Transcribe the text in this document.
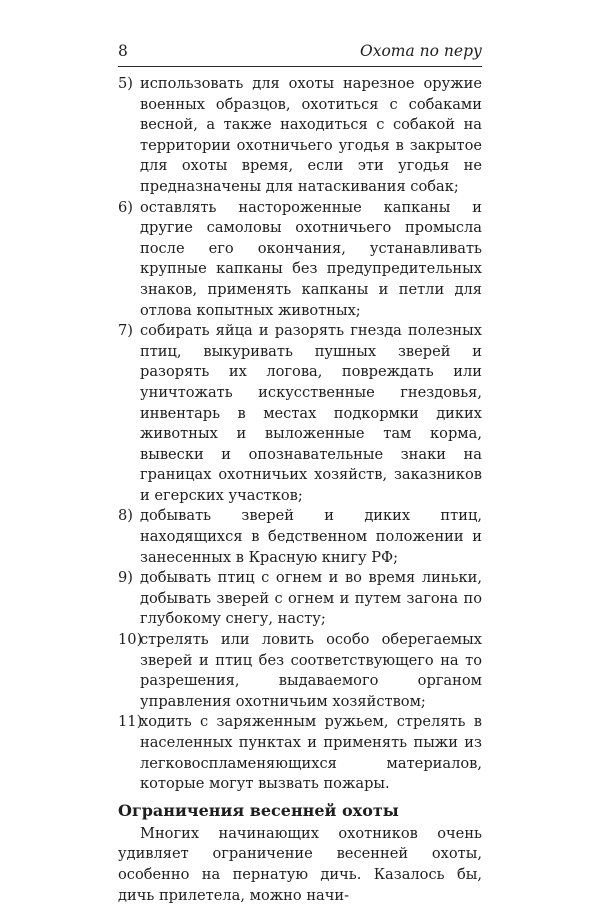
8	Охота по перу
5) использовать для охоты нарезное оружие военных образцов, охотиться с собаками весной, а также находиться с собакой на территории охотничьего угодья в закрытое для охоты время, если эти угодья не предназначены для натаскивания собак;
6) оставлять настороженные капканы и другие самоловы охотничьего промысла после его окончания, устанавливать крупные капканы без предупредительных знаков, применять капканы и петли для отлова копытных животных;
7) собирать яйца и разорять гнезда полезных птиц, выкуривать пушных зверей и разорять их логова, повреждать или уничтожать искусственные гнездовья, инвентарь в местах подкормки диких животных и выложенные там корма, вывески и опознавательные знаки на границах охотничьих хозяйств, заказников и егерских участков;
8) добывать зверей и диких птиц, находящихся в бедственном положении и занесенных в Красную книгу РФ;
9) добывать птиц с огнем и во время линьки, добывать зверей с огнем и путем загона по глубокому снегу, насту;
10)
стрелять или ловить особо оберегаемых зверей и птиц без соответствующего на то разрешения, выдаваемого органом управления охотничьим хозяйством;
11)
ходить с заряженным ружьем, стрелять в населенных пунктах и применять пыжи из легковоспламеняющихся материалов, которые могут вызвать пожары.
Ограничения весенней охоты

Многих начинающих охотников очень удивляет ограничение весенней охоты, особенно на пернатую дичь. Казалось бы, дичь прилетела, можно начи-
